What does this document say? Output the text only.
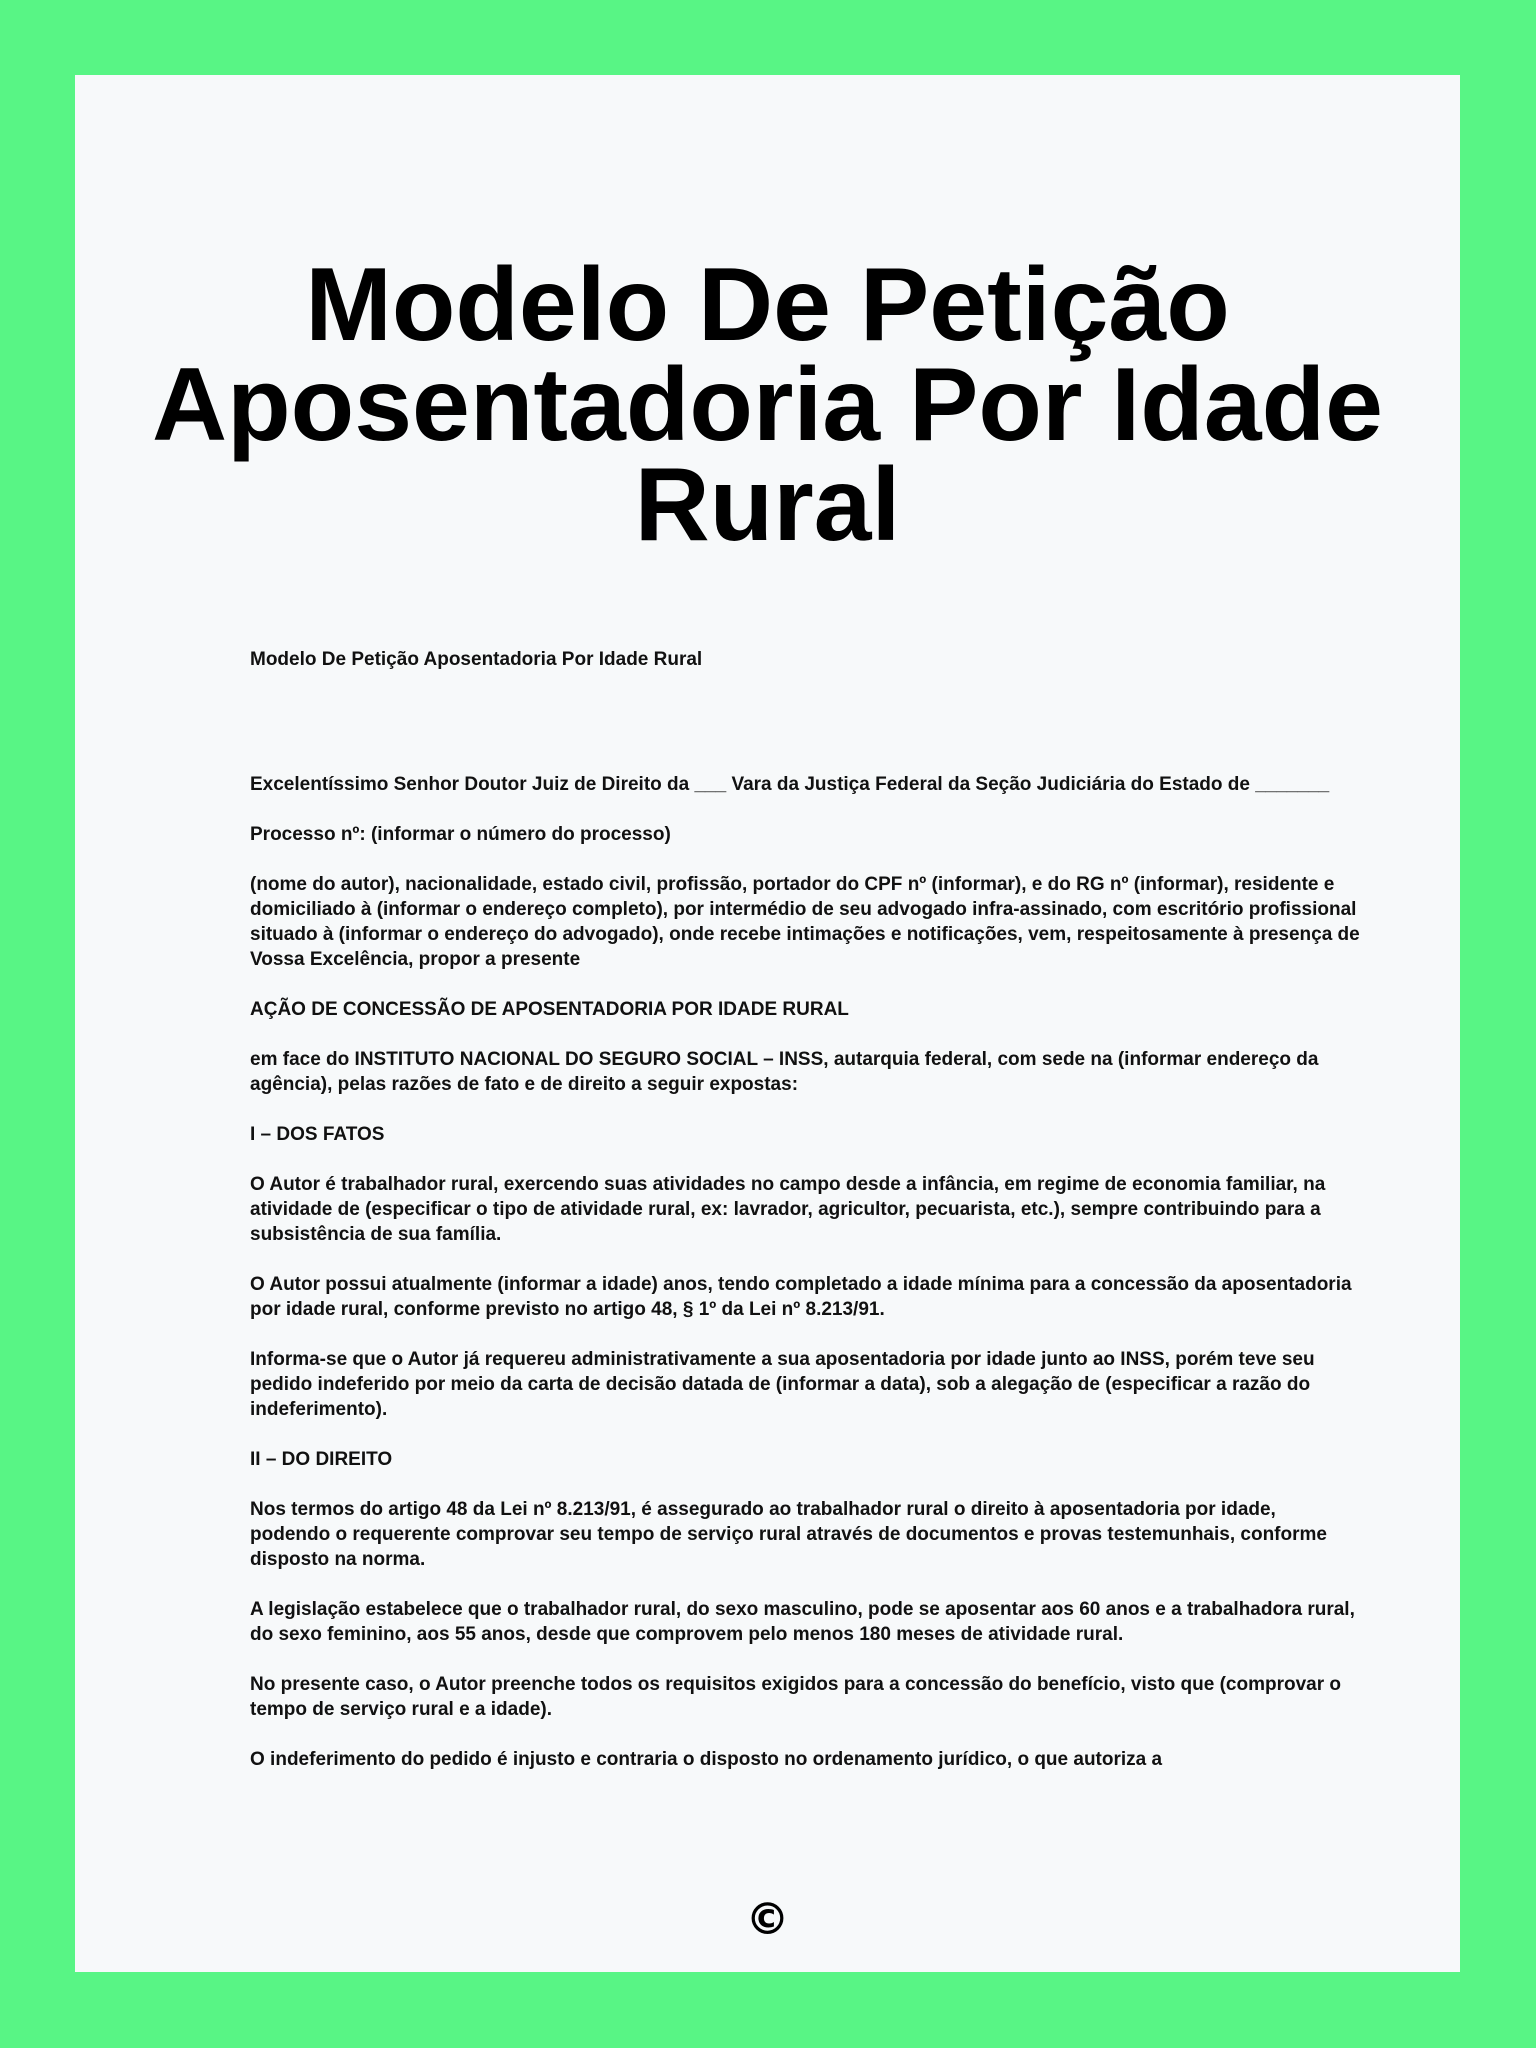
Modelo De Petição Aposentadoria Por Idade Rural

Modelo De Petição Aposentadoria Por Idade Rural

Excelentíssimo Senhor Doutor Juiz de Direito da ___ Vara da Justiça Federal da Seção Judiciária do Estado de _______

Processo nº: (informar o número do processo)

(nome do autor), nacionalidade, estado civil, profissão, portador do CPF nº (informar), e do RG nº (informar), residente e domiciliado à (informar o endereço completo), por intermédio de seu advogado infra-assinado, com escritório profissional situado à (informar o endereço do advogado), onde recebe intimações e notificações, vem, respeitosamente à presença de Vossa Excelência, propor a presente

AÇÃO DE CONCESSÃO DE APOSENTADORIA POR IDADE RURAL

em face do INSTITUTO NACIONAL DO SEGURO SOCIAL – INSS, autarquia federal, com sede na (informar endereço da agência), pelas razões de fato e de direito a seguir expostas:

I – DOS FATOS

O Autor é trabalhador rural, exercendo suas atividades no campo desde a infância, em regime de economia familiar, na atividade de (especificar o tipo de atividade rural, ex: lavrador, agricultor, pecuarista, etc.), sempre contribuindo para a subsistência de sua família.

O Autor possui atualmente (informar a idade) anos, tendo completado a idade mínima para a concessão da aposentadoria por idade rural, conforme previsto no artigo 48, § 1º da Lei nº 8.213/91.

Informa-se que o Autor já requereu administrativamente a sua aposentadoria por idade junto ao INSS, porém teve seu pedido indeferido por meio da carta de decisão datada de (informar a data), sob a alegação de (especificar a razão do indeferimento).

II – DO DIREITO

Nos termos do artigo 48 da Lei nº 8.213/91, é assegurado ao trabalhador rural o direito à aposentadoria por idade, podendo o requerente comprovar seu tempo de serviço rural através de documentos e provas testemunhais, conforme disposto na norma.

A legislação estabelece que o trabalhador rural, do sexo masculino, pode se aposentar aos 60 anos e a trabalhadora rural, do sexo feminino, aos 55 anos, desde que comprovem pelo menos 180 meses de atividade rural.

No presente caso, o Autor preenche todos os requisitos exigidos para a concessão do benefício, visto que (comprovar o tempo de serviço rural e a idade).

O indeferimento do pedido é injusto e contraria o disposto no ordenamento jurídico, o que autoriza a

©
